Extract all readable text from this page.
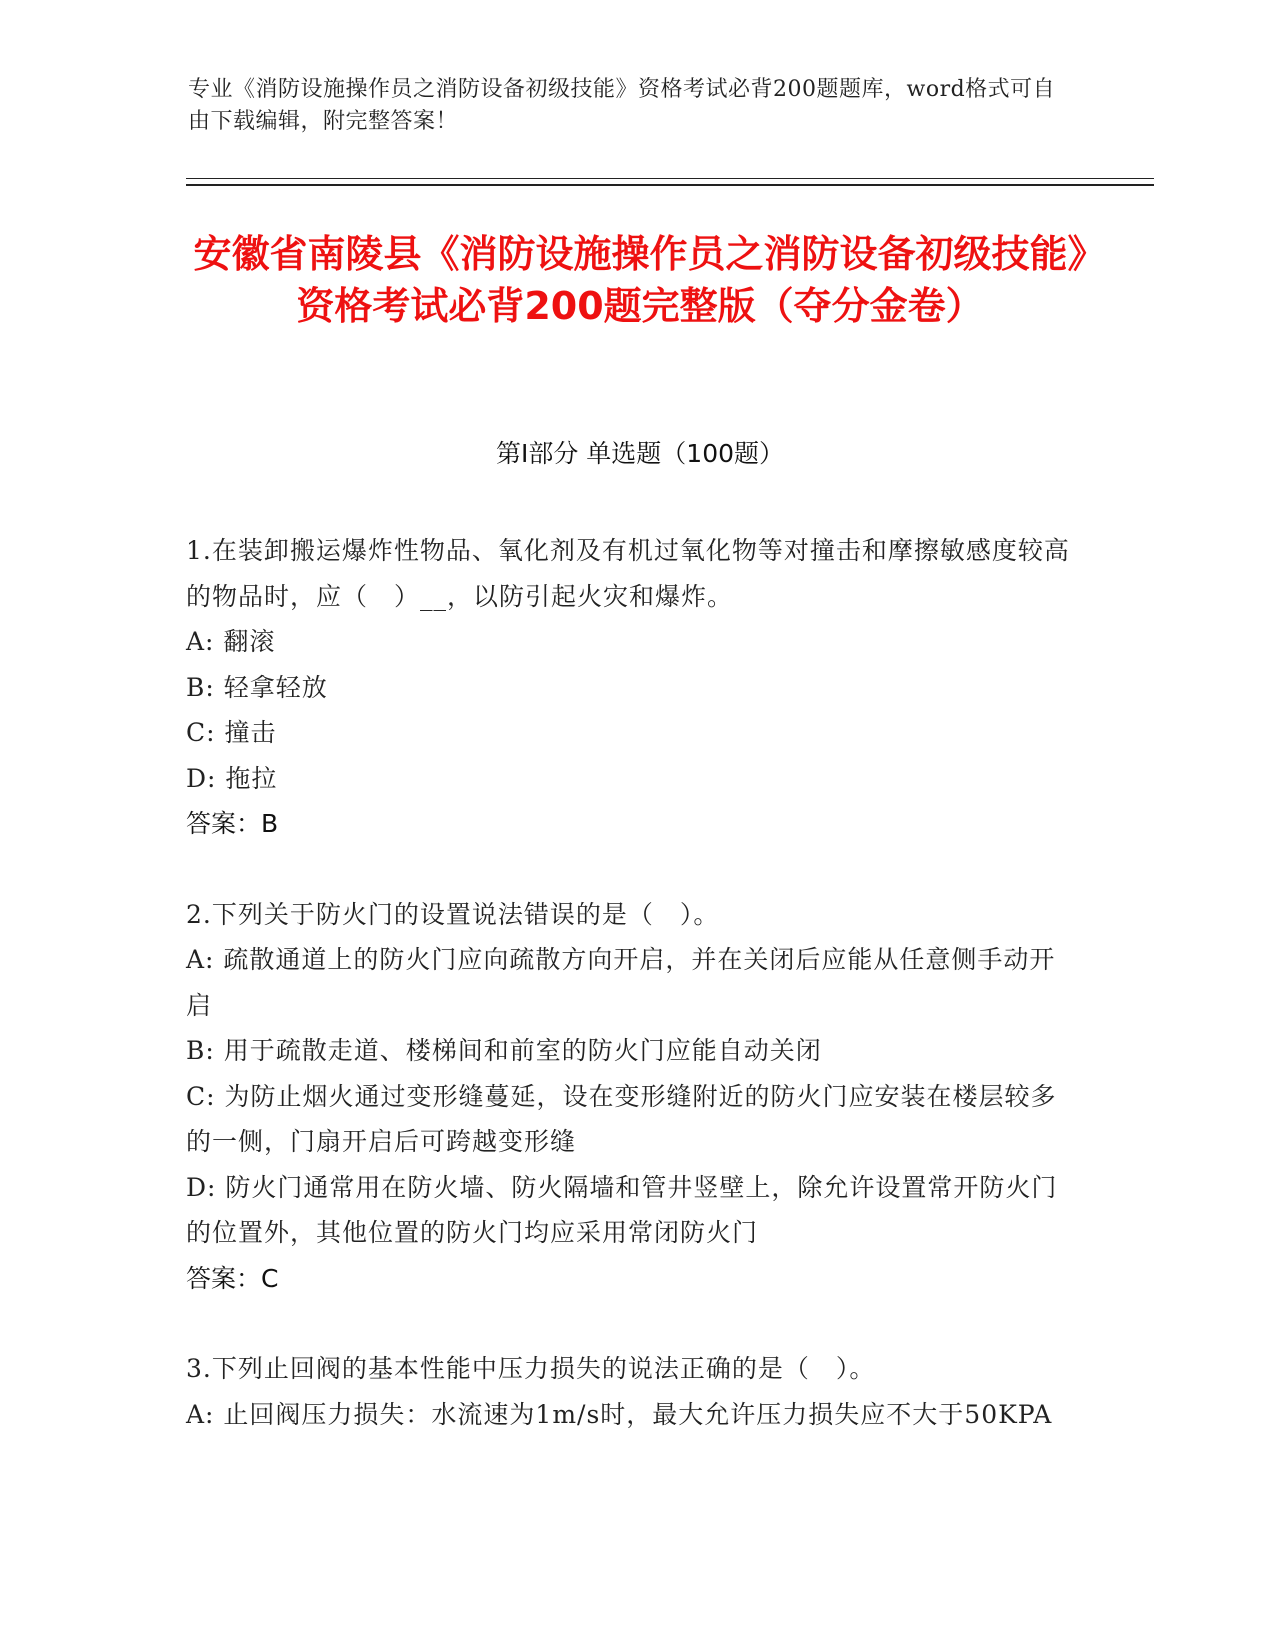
专业《消防设施操作员之消防设备初级技能》资格考试必背200题题库，word格式可自由下载编辑，附完整答案！
安徽省南陵县《消防设施操作员之消防设备初级技能》资格考试必背200题完整版（夺分金卷）
第I部分 单选题（100题）

1.在装卸搬运爆炸性物品、氧化剂及有机过氧化物等对撞击和摩擦敏感度较高的物品时，应（　）__，以防引起火灾和爆炸。

A: 翻滚

B: 轻拿轻放

C: 撞击

D: 拖拉

答案：B

2.下列关于防火门的设置说法错误的是（　）。

A: 疏散通道上的防火门应向疏散方向开启，并在关闭后应能从任意侧手动开启

B: 用于疏散走道、楼梯间和前室的防火门应能自动关闭

C: 为防止烟火通过变形缝蔓延，设在变形缝附近的防火门应安装在楼层较多的一侧，门扇开启后可跨越变形缝

D: 防火门通常用在防火墙、防火隔墙和管井竖壁上，除允许设置常开防火门的位置外，其他位置的防火门均应采用常闭防火门

答案：C

3.下列止回阀的基本性能中压力损失的说法正确的是（　）。

A: 止回阀压力损失：水流速为1m/s时，最大允许压力损失应不大于50KPA
